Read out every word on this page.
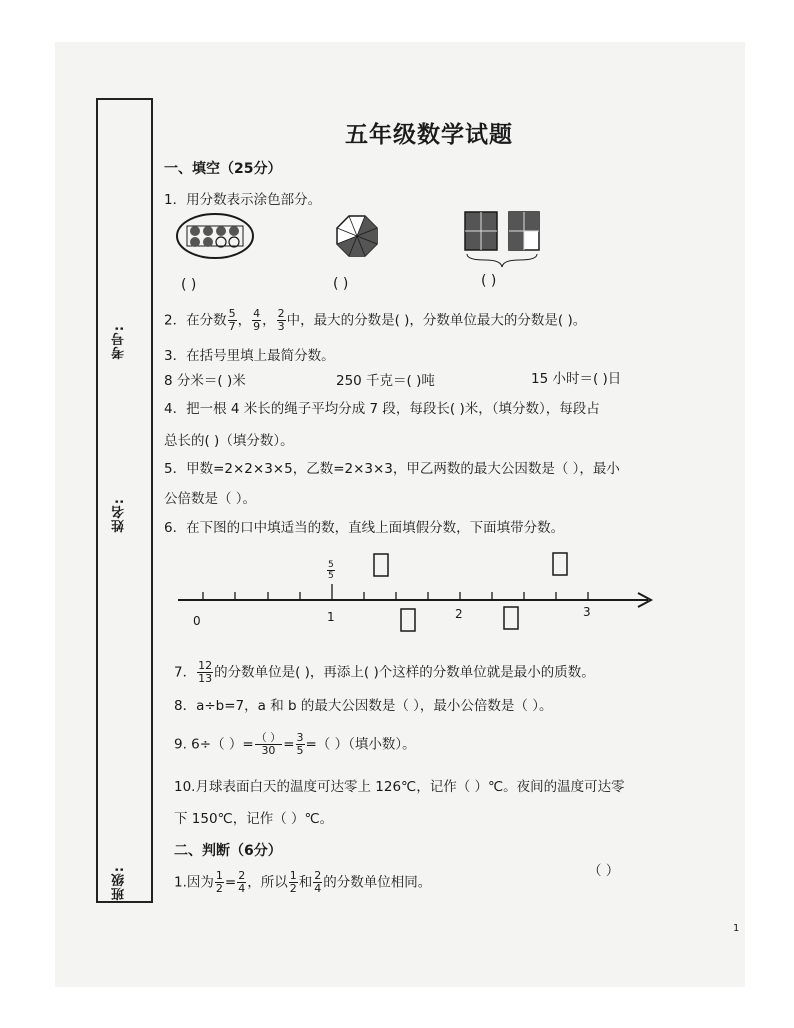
考号:
姓名:
班级:
五年级数学试题
一、填空（25分）
1．用分数表示涂色部分。
( )	( )	( )
2．在分数 $\frac{5}{7}$ ， $\frac{4}{9}$ ， $\frac{2}{3}$ 中，最大的分数是( )，分数单位最大的分数是( )。
3．在括号里填上最简分数。
8 分米＝( )米	250 千克＝( )吨	15 小时＝( )日
4．把一根 4 米长的绳子平均分成 7 段，每段长( )米，（填分数），每段占
总长的( )（填分数）。
5．甲数=2×2×3×5，乙数=2×3×3，甲乙两数的最大公因数是（ ），最小
公倍数是（ ）。
6．在下图的口中填适当的数，直线上面填假分数，下面填带分数。
$\frac{5}{5}$
0	1	2	3
7． $\frac{12}{13}$ 的分数单位是( )，再添上( )个这样的分数单位就是最小的质数。
8．a÷b=7，a 和 b 的最大公因数是（ ），最小公倍数是（ ）。
9. 6÷（ ）= $\frac{( )}{30} = \frac{3}{5}$ =（ ）（填小数）。
10.月球表面白天的温度可达零上 126℃，记作（ ）℃。夜间的温度可达零
下 150℃，记作（ ）℃。
二、判断（6分）
1.因为 $\frac{1}{2} = \frac{2}{4}$ ，所以 $\frac{1}{2}$ 和 $\frac{2}{4}$ 的分数单位相同。
（ ）
1
